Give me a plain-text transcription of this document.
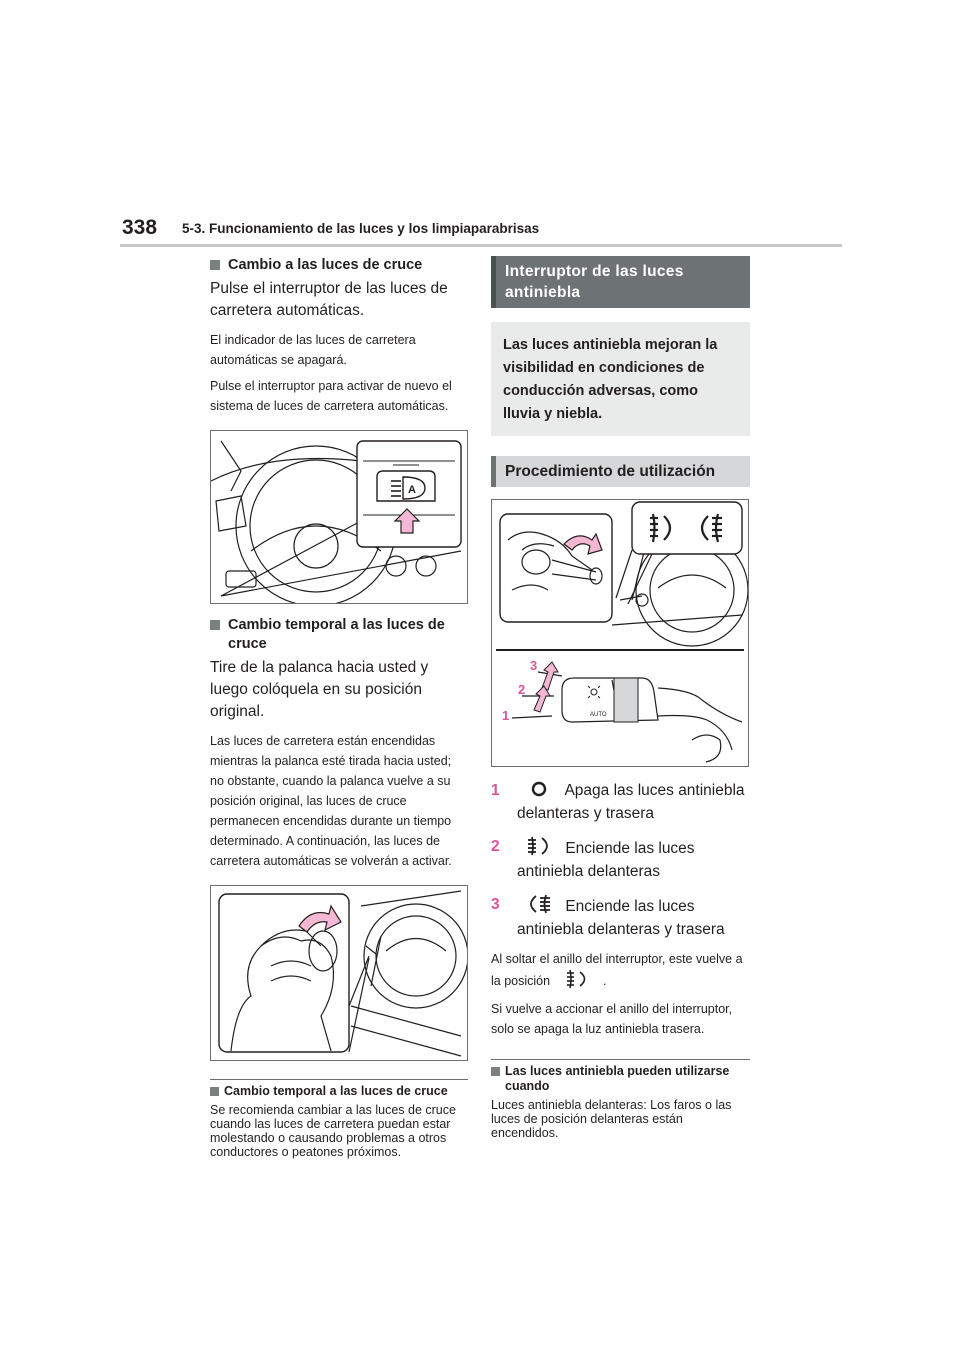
338 5-3. Funcionamiento de las luces y los limpiaparabrisas
Cambio a las luces de cruce
Pulse el interruptor de las luces de carretera automáticas.
El indicador de las luces de carretera automáticas se apagará.
Pulse el interruptor para activar de nuevo el sistema de luces de carretera automáticas.
A
Cambio temporal a las luces de cruce
Tire de la palanca hacia usted y luego colóquela en su posición original.
Las luces de carretera están encendidas mientras la palanca esté tirada hacia usted; no obstante, cuando la palanca vuelve a su posición original, las luces de cruce permanecen encendidas durante un tiempo determinado. A continuación, las luces de carretera automáticas se volverán a activar.
Cambio temporal a las luces de cruce
Se recomienda cambiar a las luces de cruce cuando las luces de carretera puedan estar molestando o causando problemas a otros conductores o peatones próximos.
Interruptor de las luces antiniebla
Las luces antiniebla mejoran la visibilidad en condiciones de conducción adversas, como lluvia y niebla.
Procedimiento de utilización
AUTO
3
2
1
1	Apaga las luces antiniebla delanteras y trasera
2	Enciende las luces antiniebla delanteras
3	Enciende las luces antiniebla delanteras y trasera
Al soltar el anillo del interruptor, este vuelve a la posición	.
Si vuelve a accionar el anillo del interruptor, solo se apaga la luz antiniebla trasera.
Las luces antiniebla pueden utilizarse cuando
Luces antiniebla delanteras: Los faros o las luces de posición delanteras están encendidos.
